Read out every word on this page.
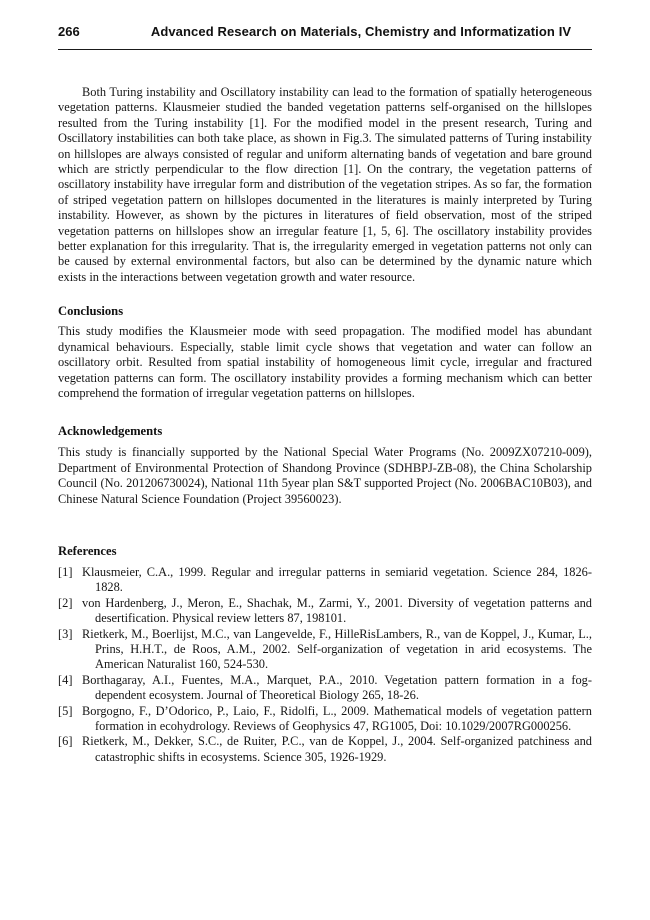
266	Advanced Research on Materials, Chemistry and Informatization IV

Both Turing instability and Oscillatory instability can lead to the formation of spatially heterogeneous vegetation patterns. Klausmeier studied the banded vegetation patterns self-organised on the hillslopes resulted from the Turing instability [1]. For the modified model in the present research, Turing and Oscillatory instabilities can both take place, as shown in Fig.3. The simulated patterns of Turing instability on hillslopes are always consisted of regular and uniform alternating bands of vegetation and bare ground which are strictly perpendicular to the flow direction [1]. On the contrary, the vegetation patterns of oscillatory instability have irregular form and distribution of the vegetation stripes. As so far, the formation of striped vegetation pattern on hillslopes documented in the literatures is mainly interpreted by Turing instability. However, as shown by the pictures in literatures of field observation, most of the striped vegetation patterns on hillslopes show an irregular feature [1, 5, 6]. The oscillatory instability provides better explanation for this irregularity. That is, the irregularity emerged in vegetation patterns not only can be caused by external environmental factors, but also can be determined by the dynamic nature which exists in the interactions between vegetation growth and water resource.

Conclusions

This study modifies the Klausmeier mode with seed propagation. The modified model has abundant dynamical behaviours. Especially, stable limit cycle shows that vegetation and water can follow an oscillatory orbit. Resulted from spatial instability of homogeneous limit cycle, irregular and fractured vegetation patterns can form. The oscillatory instability provides a forming mechanism which can better comprehend the formation of irregular vegetation patterns on hillslopes.

Acknowledgements

This study is financially supported by the National Special Water Programs (No. 2009ZX07210-009), Department of Environmental Protection of Shandong Province (SDHBPJ-ZB-08), the China Scholarship Council (No. 201206730024), National 11th 5year plan S&T supported Project (No. 2006BAC10B03), and Chinese Natural Science Foundation (Project 39560023).

References

[1] Klausmeier, C.A., 1999. Regular and irregular patterns in semiarid vegetation. Science 284, 1826-1828.

[2] von Hardenberg, J., Meron, E., Shachak, M., Zarmi, Y., 2001. Diversity of vegetation patterns and desertification. Physical review letters 87, 198101.

[3] Rietkerk, M., Boerlijst, M.C., van Langevelde, F., HilleRisLambers, R., van de Koppel, J., Kumar, L., Prins, H.H.T., de Roos, A.M., 2002. Self-organization of vegetation in arid ecosystems. The American Naturalist 160, 524-530.

[4] Borthagaray, A.I., Fuentes, M.A., Marquet, P.A., 2010. Vegetation pattern formation in a fog-dependent ecosystem. Journal of Theoretical Biology 265, 18-26.

[5] Borgogno, F., D’Odorico, P., Laio, F., Ridolfi, L., 2009. Mathematical models of vegetation pattern formation in ecohydrology. Reviews of Geophysics 47, RG1005, Doi: 10.1029/2007RG000256.

[6] Rietkerk, M., Dekker, S.C., de Ruiter, P.C., van de Koppel, J., 2004. Self-organized patchiness and catastrophic shifts in ecosystems. Science 305, 1926-1929.
